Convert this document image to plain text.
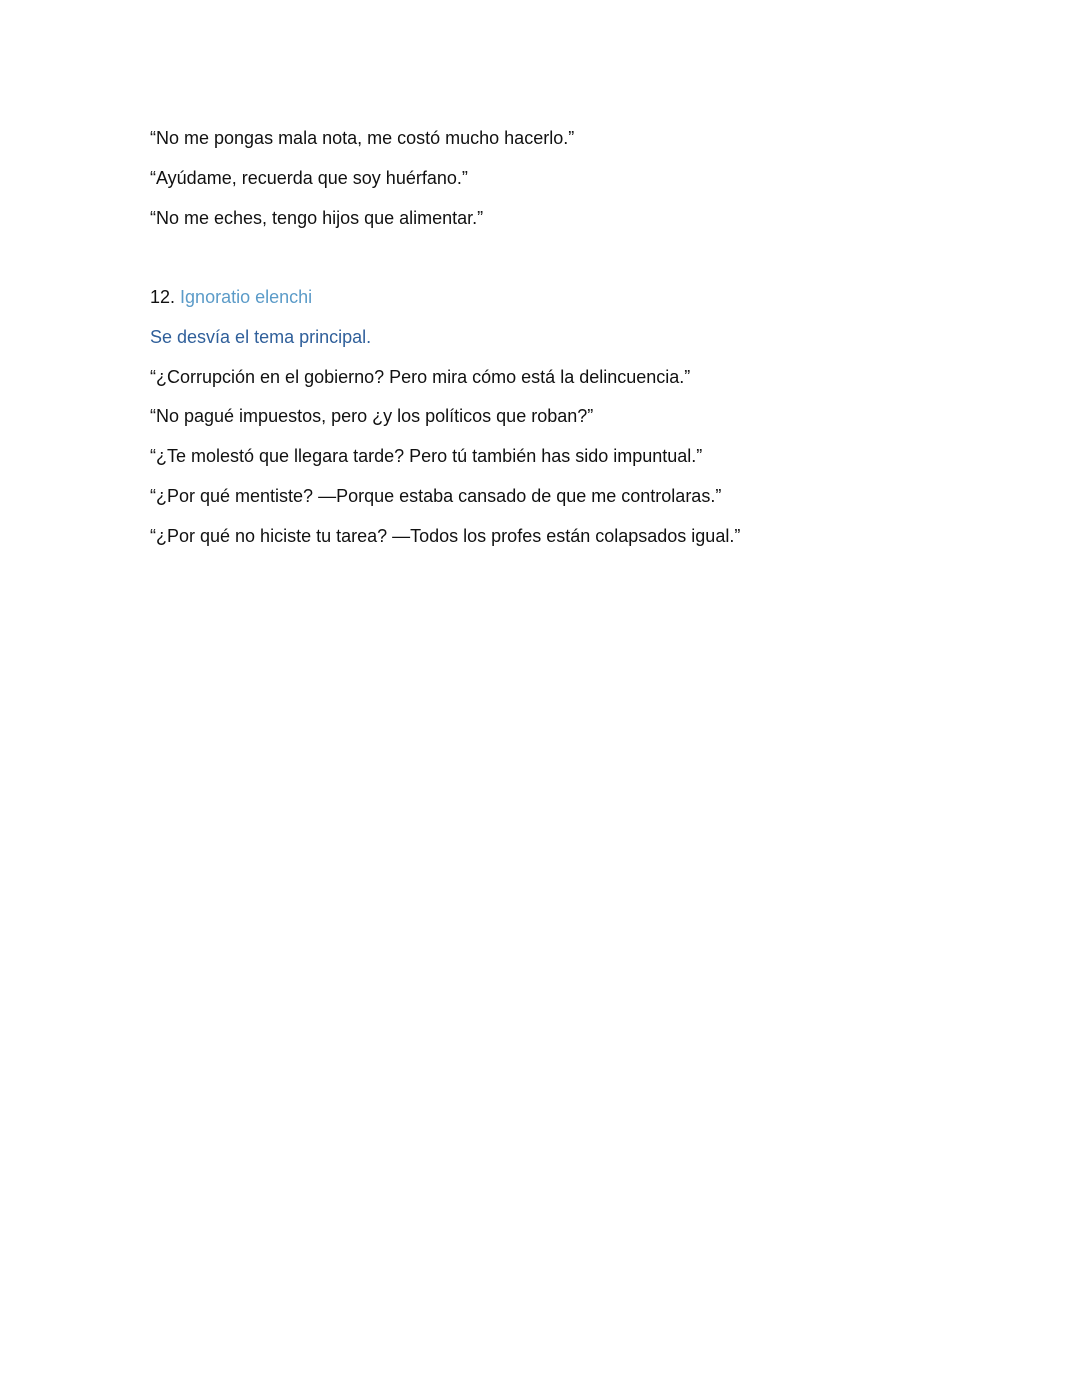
“No me pongas mala nota, me costó mucho hacerlo.”
“Ayúdame, recuerda que soy huérfano.”
“No me eches, tengo hijos que alimentar.”
12. Ignoratio elenchi
Se desvía el tema principal.
“¿Corrupción en el gobierno? Pero mira cómo está la delincuencia.”
“No pagué impuestos, pero ¿y los políticos que roban?”
“¿Te molestó que llegara tarde? Pero tú también has sido impuntual.”
“¿Por qué mentiste? —Porque estaba cansado de que me controlaras.”
“¿Por qué no hiciste tu tarea? —Todos los profes están colapsados igual.”
